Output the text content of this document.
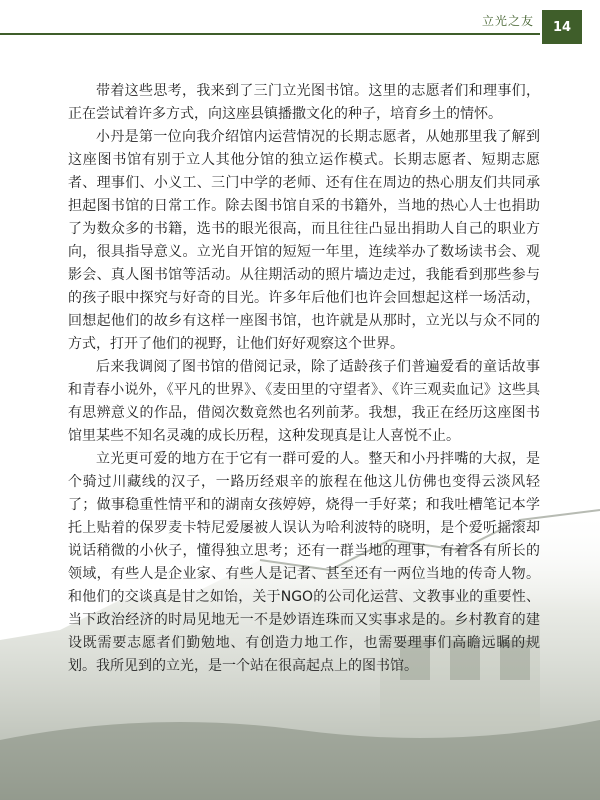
立光之友	14

带着这些思考，我来到了三门立光图书馆。这里的志愿者们和理事们，正在尝试着许多方式，向这座县镇播撒文化的种子，培育乡土的情怀。

小丹是第一位向我介绍馆内运营情况的长期志愿者，从她那里我了解到这座图书馆有别于立人其他分馆的独立运作模式。长期志愿者、短期志愿者、理事们、小义工、三门中学的老师、还有住在周边的热心朋友们共同承担起图书馆的日常工作。除去图书馆自采的书籍外，当地的热心人士也捐助了为数众多的书籍，选书的眼光很高，而且往往凸显出捐助人自己的职业方向，很具指导意义。立光自开馆的短短一年里，连续举办了数场读书会、观影会、真人图书馆等活动。从往期活动的照片墙边走过，我能看到那些参与的孩子眼中探究与好奇的目光。许多年后他们也许会回想起这样一场活动，回想起他们的故乡有这样一座图书馆，也许就是从那时，立光以与众不同的方式，打开了他们的视野，让他们好好观察这个世界。

后来我调阅了图书馆的借阅记录，除了适龄孩子们普遍爱看的童话故事和青春小说外，《平凡的世界》、《麦田里的守望者》、《许三观卖血记》这些具有思辨意义的作品，借阅次数竟然也名列前茅。我想，我正在经历这座图书馆里某些不知名灵魂的成长历程，这种发现真是让人喜悦不止。

立光更可爱的地方在于它有一群可爱的人。整天和小丹拌嘴的大叔，是个骑过川藏线的汉子，一路历经艰辛的旅程在他这儿仿佛也变得云淡风轻了；做事稳重性情平和的湖南女孩婷婷，烧得一手好菜；和我吐槽笔记本学托上贴着的保罗麦卡特尼爱屡被人误认为哈利波特的晓明，是个爱听摇滚却说话稍微的小伙子，懂得独立思考；还有一群当地的理事，有着各有所长的领域，有些人是企业家、有些人是记者、甚至还有一两位当地的传奇人物。和他们的交谈真是甘之如饴，关于NGO的公司化运营、文教事业的重要性、当下政治经济的时局见地无一不是妙语连珠而又实事求是的。乡村教育的建设既需要志愿者们勤勉地、有创造力地工作，也需要理事们高瞻远瞩的规划。我所见到的立光，是一个站在很高起点上的图书馆。
